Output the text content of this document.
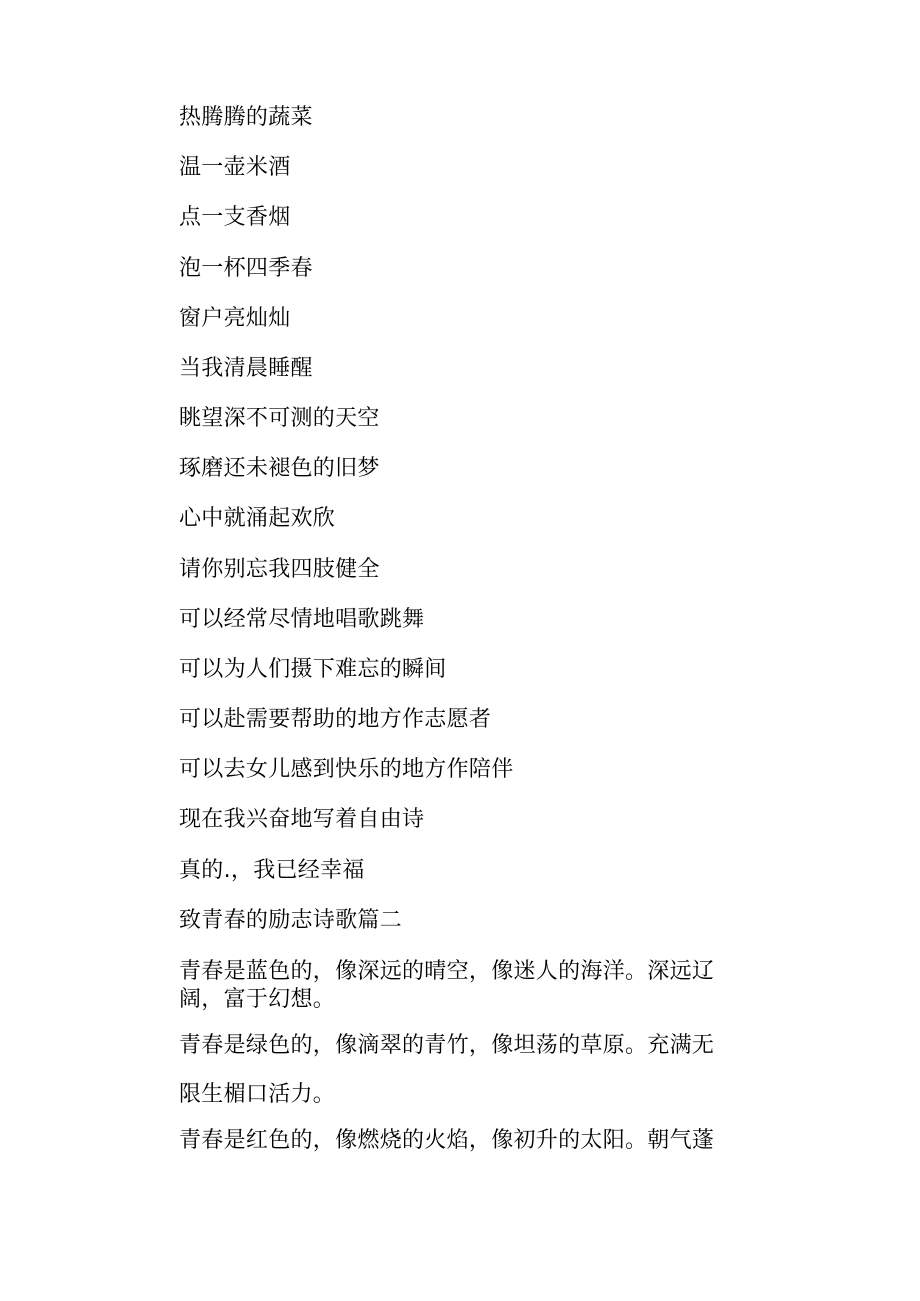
热腾腾的蔬菜
温一壶米酒
点一支香烟
泡一杯四季春
窗户亮灿灿
当我清晨睡醒
眺望深不可测的天空
琢磨还未褪色的旧梦
心中就涌起欢欣
请你别忘我四肢健全
可以经常尽情地唱歌跳舞
可以为人们摄下难忘的瞬间
可以赴需要帮助的地方作志愿者
可以去女儿感到快乐的地方作陪伴
现在我兴奋地写着自由诗
真的.，我已经幸福
致青春的励志诗歌篇二
青春是蓝色的，像深远的晴空，像迷人的海洋。深远辽阔，富于幻想。
青春是绿色的，像滴翠的青竹，像坦荡的草原。充满无
限生楣口活力。
青春是红色的，像燃烧的火焰，像初升的太阳。朝气蓬
